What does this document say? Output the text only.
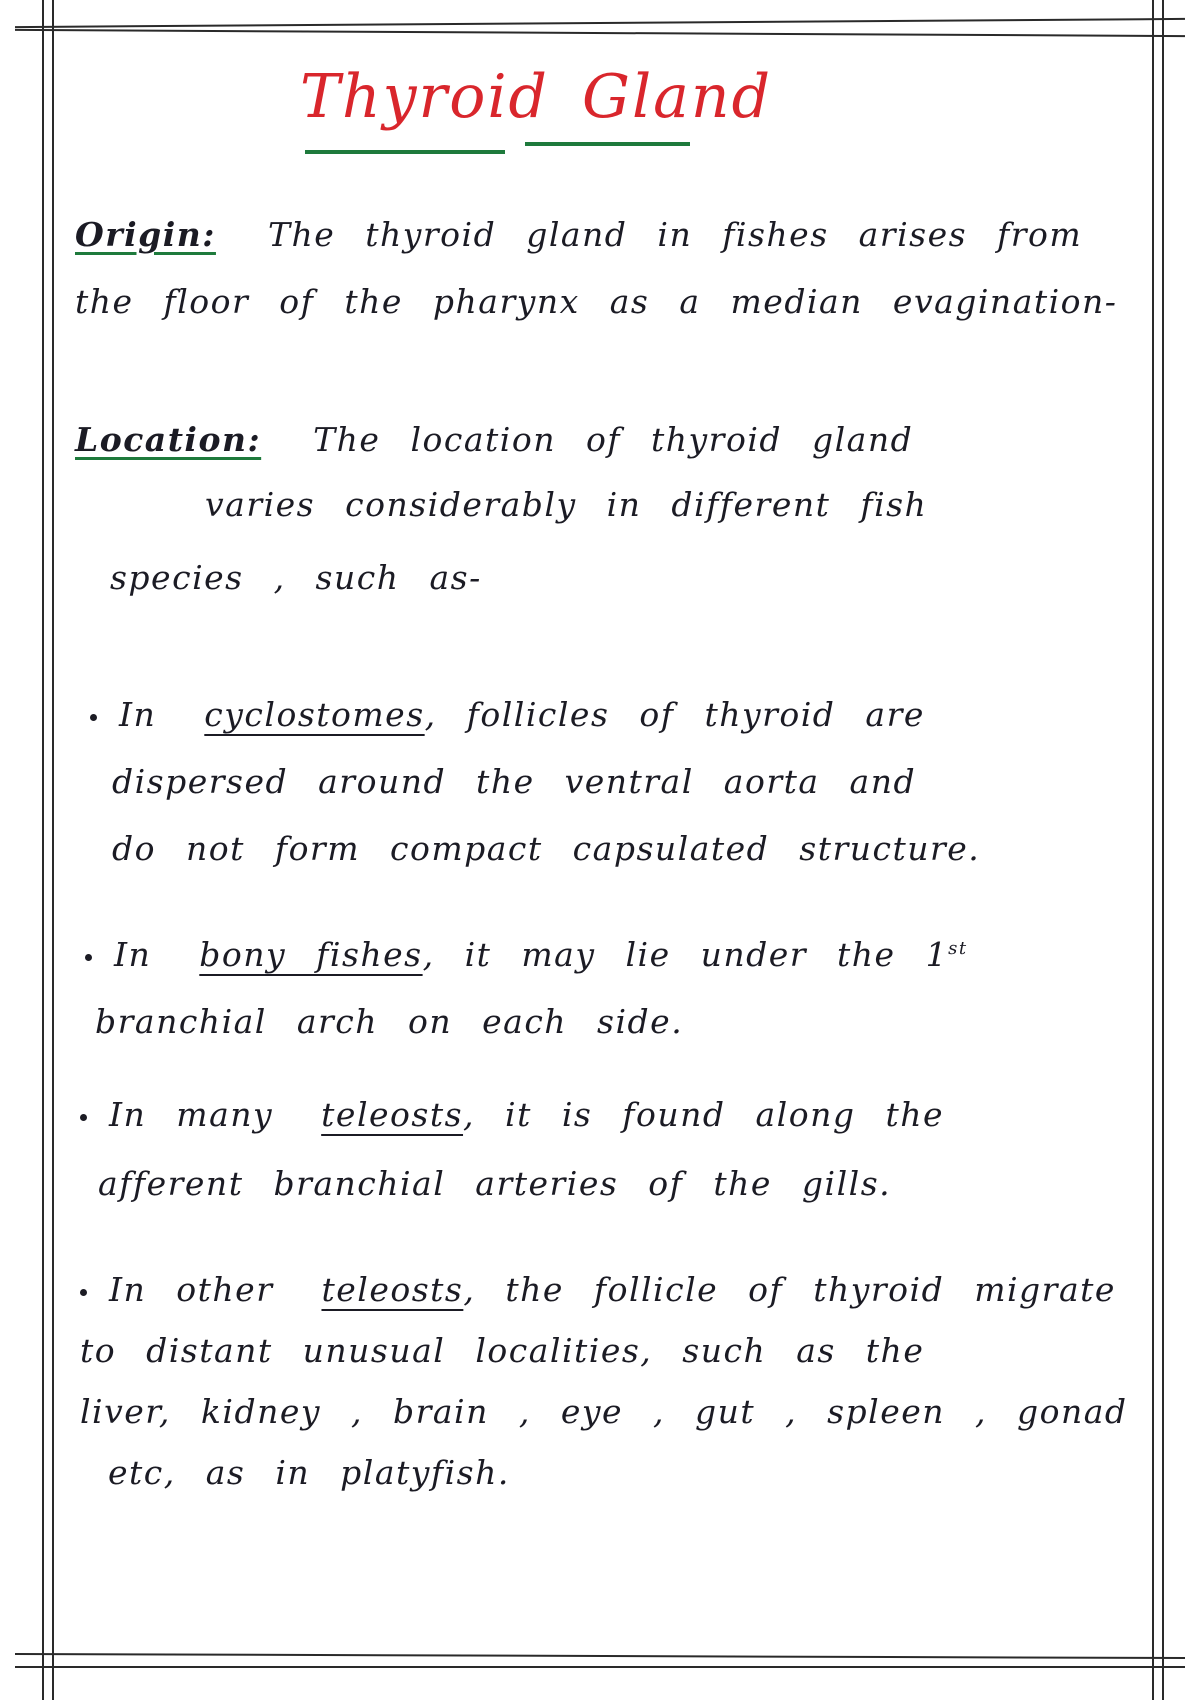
Thyroid Gland
Origin: The thyroid gland in fishes arises from
the floor of the pharynx as a median evagination-
Location: The location of thyroid gland
varies considerably in different fish
species , such as-
In cyclostomes, follicles of thyroid are
dispersed around the ventral aorta and
do not form compact capsulated structure.
In bony fishes, it may lie under the 1st
branchial arch on each side.
In many teleosts, it is found along the
afferent branchial arteries of the gills.
In other teleosts, the follicle of thyroid migrate
to distant unusual localities, such as the
liver, kidney , brain , eye , gut , spleen , gonad
etc, as in platyfish.
